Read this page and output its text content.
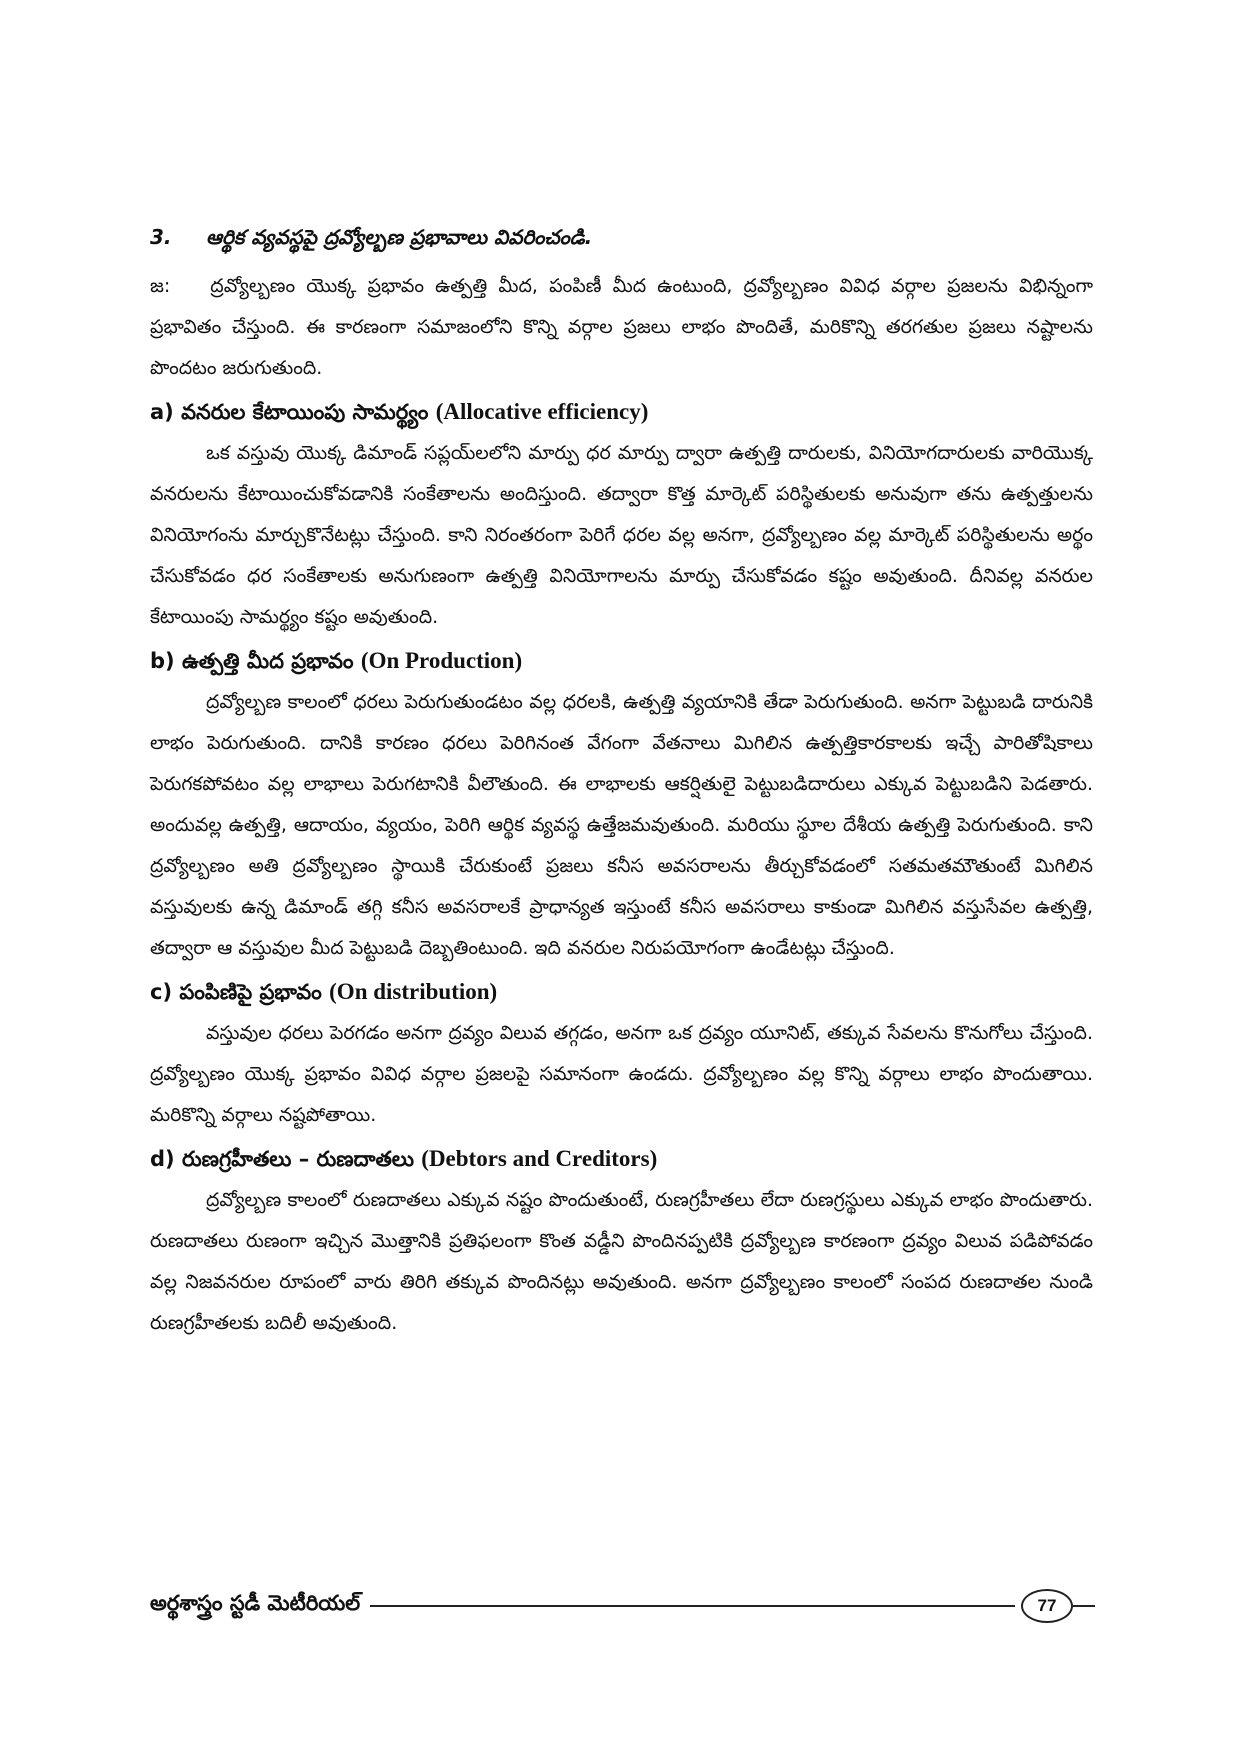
3.	ఆర్థిక వ్యవస్థపై ద్రవ్యోల్బణ ప్రభావాలు వివరించండి.

జ: ద్రవ్యోల్బణం యొక్క ప్రభావం ఉత్పత్తి మీద, పంపిణీ మీద ఉంటుంది, ద్రవ్యోల్బణం వివిధ వర్గాల ప్రజలను విభిన్నంగా ప్రభావితం చేస్తుంది. ఈ కారణంగా సమాజంలోని కొన్ని వర్గాల ప్రజలు లాభం పొందితే, మరికొన్ని తరగతుల ప్రజలు నష్టాలను పొందటం జరుగుతుంది.

a) వనరుల కేటాయింపు సామర్థ్యం (Allocative efficiency)

ఒక వస్తువు యొక్క డిమాండ్ సప్లయ్‌లలోని మార్పు ధర మార్పు ద్వారా ఉత్పత్తి దారులకు, వినియోగదారులకు వారియొక్క వనరులను కేటాయించుకోవడానికి సంకేతాలను అందిస్తుంది. తద్వారా కొత్త మార్కెట్ పరిస్థితులకు అనువుగా తను ఉత్పత్తులను వినియోగంను మార్చుకొనేటట్లు చేస్తుంది. కాని నిరంతరంగా పెరిగే ధరల వల్ల అనగా, ద్రవ్యోల్బణం వల్ల మార్కెట్ పరిస్థితులను అర్థం చేసుకోవడం ధర సంకేతాలకు అనుగుణంగా ఉత్పత్తి వినియోగాలను మార్పు చేసుకోవడం కష్టం అవుతుంది. దీనివల్ల వనరుల కేటాయింపు సామర్థ్యం కష్టం అవుతుంది.

b) ఉత్పత్తి మీద ప్రభావం (On Production)

ద్రవ్యోల్బణ కాలంలో ధరలు పెరుగుతుండటం వల్ల ధరలకి, ఉత్పత్తి వ్యయానికి తేడా పెరుగుతుంది. అనగా పెట్టుబడి దారునికి లాభం పెరుగుతుంది. దానికి కారణం ధరలు పెరిగినంత వేగంగా వేతనాలు మిగిలిన ఉత్పత్తికారకాలకు ఇచ్చే పారితోషికాలు పెరుగకపోవటం వల్ల లాభాలు పెరుగటానికి వీలౌతుంది. ఈ లాభాలకు ఆకర్షితులై పెట్టుబడిదారులు ఎక్కువ పెట్టుబడిని పెడతారు. అందువల్ల ఉత్పత్తి, ఆదాయం, వ్యయం, పెరిగి ఆర్థిక వ్యవస్థ ఉత్తేజమవుతుంది. మరియు స్థూల దేశీయ ఉత్పత్తి పెరుగుతుంది. కాని ద్రవ్యోల్బణం అతి ద్రవ్యోల్బణం స్థాయికి చేరుకుంటే ప్రజలు కనీస అవసరాలను తీర్చుకోవడంలో సతమతమౌతుంటే మిగిలిన వస్తువులకు ఉన్న డిమాండ్ తగ్గి కనీస అవసరాలకే ప్రాధాన్యత ఇస్తుంటే కనీస అవసరాలు కాకుండా మిగిలిన వస్తుసేవల ఉత్పత్తి, తద్వారా ఆ వస్తువుల మీద పెట్టుబడి దెబ్బతింటుంది. ఇది వనరుల నిరుపయోగంగా ఉండేటట్లు చేస్తుంది.

c) పంపిణిపై ప్రభావం (On distribution)

వస్తువుల ధరలు పెరగడం అనగా ద్రవ్యం విలువ తగ్గడం, అనగా ఒక ద్రవ్యం యూనిట్, తక్కువ సేవలను కొనుగోలు చేస్తుంది. ద్రవ్యోల్బణం యొక్క ప్రభావం వివిధ వర్గాల ప్రజలపై సమానంగా ఉండదు. ద్రవ్యోల్బణం వల్ల కొన్ని వర్గాలు లాభం పొందుతాయి. మరికొన్ని వర్గాలు నష్టపోతాయి.

d) రుణగ్రహీతలు – రుణదాతలు (Debtors and Creditors)

ద్రవ్యోల్బణ కాలంలో రుణదాతలు ఎక్కువ నష్టం పొందుతుంటే, రుణగ్రహీతలు లేదా రుణగ్రస్థులు ఎక్కువ లాభం పొందుతారు. రుణదాతలు రుణంగా ఇచ్చిన మొత్తానికి ప్రతిఫలంగా కొంత వడ్డీని పొందినప్పటికి ద్రవ్యోల్బణ కారణంగా ద్రవ్యం విలువ పడిపోవడం వల్ల నిజవనరుల రూపంలో వారు తిరిగి తక్కువ పొందినట్లు అవుతుంది. అనగా ద్రవ్యోల్బణం కాలంలో సంపద రుణదాతల నుండి రుణగ్రహీతలకు బదిలీ అవుతుంది.

అర్థశాస్త్రం స్టడీ మెటీరియల్	77
